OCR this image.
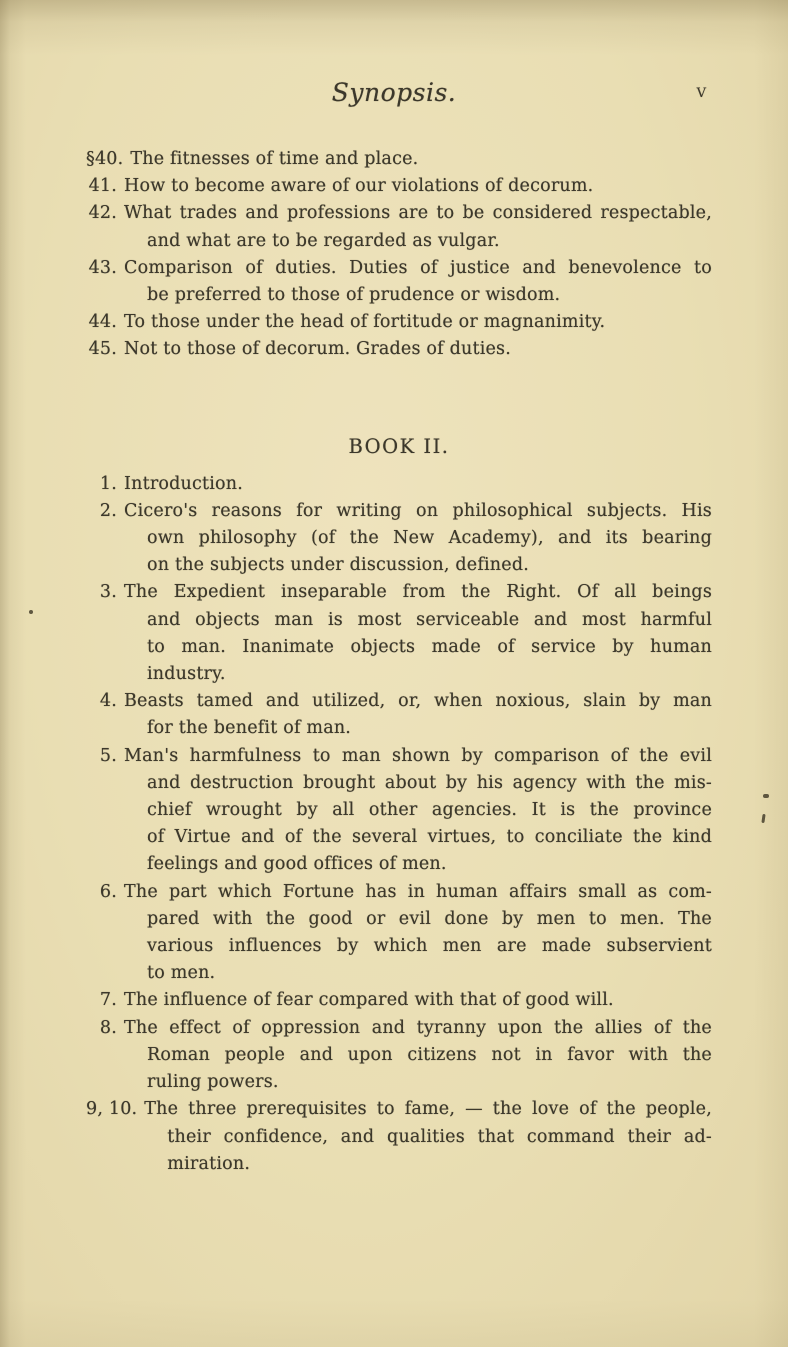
Synopsis.	v
§40. The fitnesses of time and place.
41. How to become aware of our violations of decorum.
42. What trades and professions are to be considered respectable,
and what are to be regarded as vulgar.
43. Comparison of duties. Duties of justice and benevolence to
be preferred to those of prudence or wisdom.
44. To those under the head of fortitude or magnanimity.
45. Not to those of decorum. Grades of duties.
BOOK II.
1. Introduction.
2. Cicero's reasons for writing on philosophical subjects. His
own philosophy (of the New Academy), and its bearing
on the subjects under discussion, defined.
3. The Expedient inseparable from the Right. Of all beings
and objects man is most serviceable and most harmful
to man. Inanimate objects made of service by human
industry.
4. Beasts tamed and utilized, or, when noxious, slain by man
for the benefit of man.
5. Man's harmfulness to man shown by comparison of the evil
and destruction brought about by his agency with the mis-
chief wrought by all other agencies. It is the province
of Virtue and of the several virtues, to conciliate the kind
feelings and good offices of men.
6. The part which Fortune has in human affairs small as com-
pared with the good or evil done by men to men. The
various influences by which men are made subservient
to men.
7. The influence of fear compared with that of good will.
8. The effect of oppression and tyranny upon the allies of the
Roman people and upon citizens not in favor with the
ruling powers.
9, 10. The three prerequisites to fame, — the love of the people,
their confidence, and qualities that command their ad-
miration.
